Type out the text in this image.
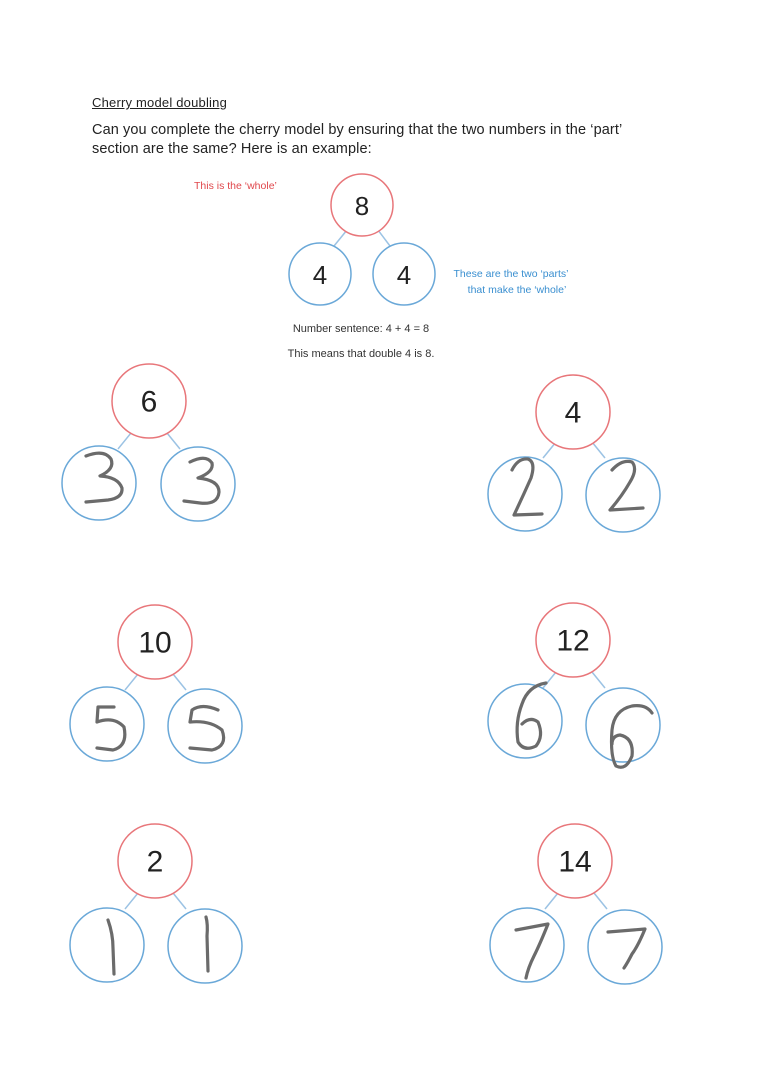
Cherry model doubling
Can you complete the cherry model by ensuring that the two numbers in the ‘part’
section are the same? Here is an example:
This is the ‘whole’
8
4	4	These are the two ‘parts’
that make the ‘whole’
Number sentence: 4 + 4 = 8
This means that double 4 is 8.
6	4
10	12
2	14
